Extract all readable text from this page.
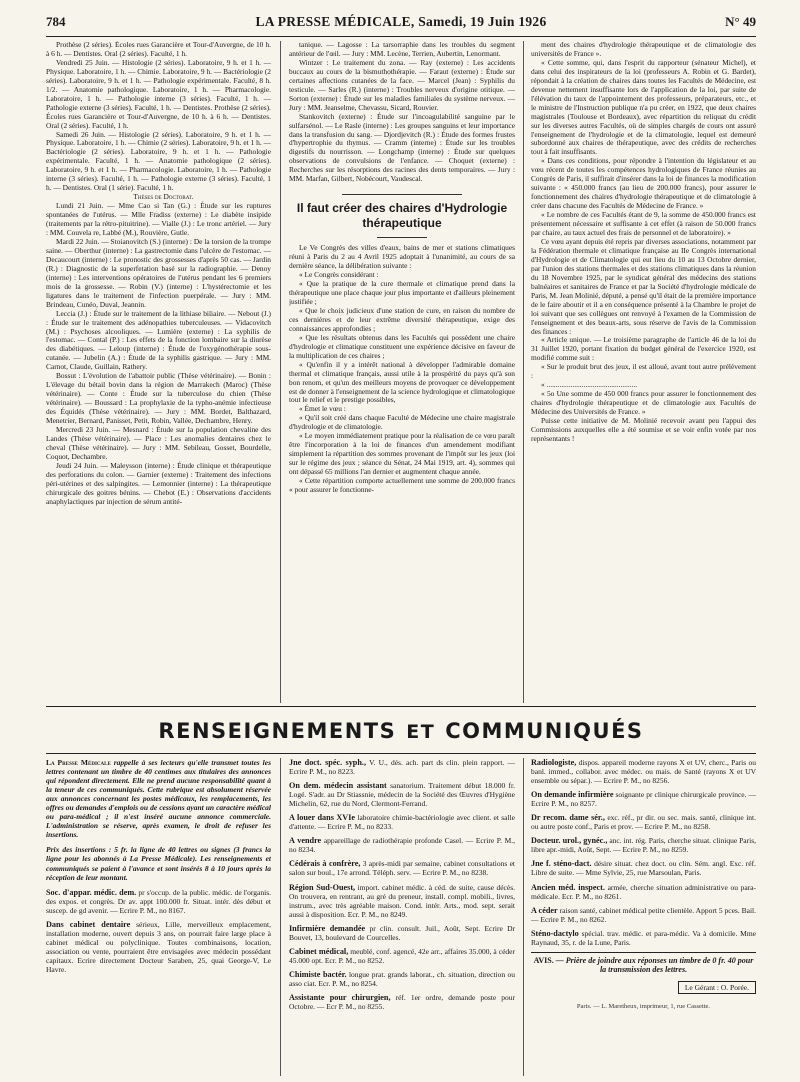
784	LA PRESSE MÉDICALE, Samedi, 19 Juin 1926	N° 49

Prothèse (2 séries). Écoles rues Garancière et Tour-d'Auvergne, de 10 h. à 6 h. — Dentistes. Oral (2 séries). Faculté, 1 h.

Vendredi 25 Juin. — Histologie (2 séries). Laboratoire, 9 h. et 1 h. — Physique. Laboratoire, 1 h. — Chimie. Laboratoire, 9 h. — Bactériologie (2 séries). Laboratoire, 9 h. et 1 h. — Pathologie expérimentale. Faculté, 8 h. 1/2. — Anatomie pathologique. Laboratoire, 1 h. — Pharmacologie. Laboratoire, 1 h. — Pathologie interne (3 séries). Faculté, 1 h. — Pathologie externe (3 séries). Faculté, 1 h. — Dentistes. Prothèse (2 séries). Écoles rues Garancière et Tour-d'Auvergne, de 10 h. à 6 h. — Dentistes. Oral (2 séries). Faculté, 1 h.

Samedi 26 Juin. — Histologie (2 séries). Laboratoire, 9 h. et 1 h. — Physique. Laboratoire, 1 h. — Chimie (2 séries). Laboratoire, 9 h. et 1 h. — Bactériologie (2 séries). Laboratoire, 9 h. et 1 h. — Pathologie expérimentale. Faculté, 1 h. — Anatomie pathologique (2 séries). Laboratoire, 9 h. et 1 h. — Pharmacologie. Laboratoire, 1 h. — Pathologie interne (3 séries). Faculté, 1 h. — Pathologie externe (3 séries). Faculté, 1 h. — Dentistes. Oral (1 série). Faculté, 1 h.

Thèses de Doctorat.

Lundi 21 Juin. — Mme Cao si Tan (G.) : Étude sur les ruptures spontanées de l'utérus. — Mlle Fradiss (externe) : Le diabète insipide (traitements par la rétro-pituitrine). — Vialle (J.) : Le tronc artériel. — Jury : MM. Couvela re, Labbé (M.), Rouvière, Gutle.

Mardi 22 Juin. — Stoianovitch (S.) (interne) : De la torsion de la trompe saine. — Oberthur (interne) : La gastrectomie dans l'ulcère de l'estomac. — Decaucourt (interne) : Le pronostic des grossesses d'après 50 cas. — Jardin (R.) : Diagnostic de la superfetation basé sur la radiographie. — Denoy (interne) : Les interventions opératoires de l'utérus pendant les 6 premiers mois de la grossesse. — Robin (V.) (interne) : L'hystérectomie et les ligatures dans le traitement de l'infection puerpérale. — Jury : MM. Brindeau, Cunéo, Duval, Jeannin.

Leccia (J.) : Étude sur le traitement de la lithiase biliaire. — Nebout (J.) : Étude sur le traitement des adénopathies tuberculeuses. — Vidacovitch (M.) : Psychoses alcooliques. — Lumière (externe) : La syphilis de l'estomac. — Contal (P.) : Les effets de la fonction lombaire sur la diurèse des diabétiques. — Leloup (interne) : Étude de l'oxygénothérapie sous-cutanée. — Jubelin (A.) : Étude de la syphilis gastrique. — Jury : MM. Carnot, Claude, Guillain, Rathery.

Bossut : L'évolution de l'abattoir public (Thèse vétérinaire). — Bonin : L'élevage du bétail bovin dans la région de Marrakech (Maroc) (Thèse vétérinaire). — Conte : Étude sur la tuberculose du chien (Thèse vétérinaire). — Boussard : La prophylaxie de la typho-anémie infectieuse des Équidés (Thèse vétérinaire). — Jury : MM. Bordet, Balthazard, Menetrier, Bernard, Panisset, Petit, Robin, Vallée, Dechambre, Henry.

Mercredi 23 Juin. — Mesnard : Étude sur la population chevaline des Landes (Thèse vétérinaire). — Place : Les anomalies dentaires chez le cheval (Thèse vétérinaire). — Jury : MM. Sebileau, Gosset, Bourdelle, Coquot, Dechambre.

Jeudi 24 Juin. — Maleysson (interne) : Étude clinique et thérapeutique des perforations du colon. — Garnier (externe) : Traitement des infections péri-utérines et des salpingites. — Lemonnier (interne) : La thérapeutique chirurgicale des goitres bénins. — Chebot (E.) : Observations d'accidents anaphylactiques par injection de sérum antité-

tanique. — Lagosse : La tarsorraphie dans les troubles du segment antérieur de l'œil. — Jury : MM. Lecène, Terrien, Aubertin, Lenormant.

Wintzer : Le traitement du zona. — Ray (externe) : Les accidents buccaux au cours de la bismuthothérapie. — Faraut (externe) : Étude sur certaines affections cutanées de la face. — Marcel (Jean) : Syphilis du testicule. — Sarles (R.) (interne) : Troubles nerveux d'origine otitique. — Sorton (externe) : Étude sur les maladies familiales du système nerveux. — Jury : MM. Jeanselme, Chevassu, Sicard, Rouvier.

Stankovitch (externe) : Étude sur l'incoagulabilité sanguine par le sulfarsénol. — Le Rasle (interne) : Les groupes sanguins et leur importance dans la transfusion du sang. — Djordjevitch (R.) : Étude des formes frustes d'hypertrophie du thymus. — Cramm (interne) : Étude sur les troubles digestifs du nourrisson. — Longchamp (interne) : Étude sur quelques observations de convulsions de l'enfance. — Choquet (externe) : Recherches sur les résorptions des racines des dents temporaires. — Jury : MM. Marfan, Gilbert, Nobécourt, Vaudescal.

Il faut créer des chaires d'Hydrologie thérapeutique

Le Ve Congrès des villes d'eaux, bains de mer et stations climatiques réuni à Paris du 2 au 4 Avril 1925 adoptait à l'unanimité, au cours de sa dernière séance, la délibération suivante :

« Le Congrès considérant :

« Que la pratique de la cure thermale et climatique prend dans la thérapeutique une place chaque jour plus importante et d'ailleurs pleinement justifiée ;

« Que le choix judicieux d'une station de cure, en raison du nombre de ces dernières et de leur extrême diversité thérapeutique, exige des connaissances approfondies ;

« Que les résultats obtenus dans les Facultés qui possèdent une chaire d'hydrologie et climatique constituent une expérience décisive en faveur de la multiplication de ces chaires ;

« Qu'enfin il y a intérêt national à développer l'admirable domaine thermal et climatique français, aussi utile à la prospérité du pays qu'à son bon renom, et qu'un des meilleurs moyens de provoquer ce développement est de donner à l'enseignement de la science hydrologique et climatologique tout le relief et le prestige possibles,

« Émet le vœu :

« Qu'il soit créé dans chaque Faculté de Médecine une chaire magistrale d'hydrologie et de climatologie.

« Le moyen immédiatement pratique pour la réalisation de ce vœu paraît être l'incorporation à la loi de finances d'un amendement modifiant simplement la répartition des sommes provenant de l'impôt sur les jeux (loi sur le régime des jeux ; séance du Sénat, 24 Mai 1919, art. 4), sommes qui ont dépassé 65 millions l'an dernier et augmentent chaque année.

« Cette répartition comporte actuellement une somme de 200.000 francs « pour assurer le fonctionne-

ment des chaires d'hydrologie thérapeutique et de climatologie des universités de France ».

« Cette somme, qui, dans l'esprit du rapporteur (sénateur Michel), et dans celui des inspirateurs de la loi (professeurs A. Robin et G. Bardet), répondait à la création de chaires dans toutes les Facultés de Médecine, est devenue nettement insuffisante lors de l'application de la loi, par suite de l'élévation du taux de l'appointement des professeurs, préparateurs, etc., et le ministre de l'Instruction publique n'a pu créer, en 1922, que deux chaires magistrales (Toulouse et Bordeaux), avec répartition du reliquat du crédit sur les diverses autres Facultés, où de simples chargés de cours ont assuré l'enseignement de l'hydrologie et de la climatologie, lequel est demeuré subordonné aux chaires de thérapeutique, avec des crédits de recherches tout à fait insuffisants.

« Dans ces conditions, pour répondre à l'intention du législateur et au vœu récent de toutes les compétences hydrologiques de France réunies au Congrès de Paris, il suffirait d'insérer dans la loi de finances la modification suivante : « 450.000 francs (au lieu de 200.000 francs), pour assurer le fonctionnement des chaires d'hydrologie thérapeutique et de climatologie à créer dans chacune des Facultés de Médecine de France. »

« Le nombre de ces Facultés étant de 9, la somme de 450.000 francs est présentement nécessaire et suffisante à cet effet (à raison de 50.000 francs par chaire, au taux actuel des frais de personnel et de laboratoire). »

Ce vœu ayant depuis été repris par diverses associations, notamment par la Fédération thermale et climatique française au IIe Congrès international d'Hydrologie et de Climatologie qui eut lieu du 10 au 13 Octobre dernier, par l'union des stations thermales et des stations climatiques dans la réunion du 18 Novembre 1925, par le syndicat général des médecins des stations balnéaires et sanitaires de France et par la Société d'hydrologie médicale de Paris, M. Jean Molinié, député, a pensé qu'il était de la première importance de le faire aboutir et il a en conséquence présenté à la Chambre le projet de loi suivant que ses collègues ont renvoyé à l'examen de la Commission de l'enseignement et des beaux-arts, sous réserve de l'avis de la Commission des finances :

« Article unique. — Le troisième paragraphe de l'article 46 de la loi du 31 Juillet 1920, portant fixation du budget général de l'exercice 1920, est modifié comme suit :

« Sur le produit brut des jeux, il est alloué, avant tout autre prélèvement :

« .................................................

« 5o Une somme de 450 000 francs pour assurer le fonctionnement des chaires d'hydrologie thérapeutique et de climatologie aux Facultés de Médecine des Universités de France. »

Puisse cette initiative de M. Molinié recevoir avant peu l'appui des Commissions auxquelles elle a été soumise et se voir enfin votée par nos représentants !

RENSEIGNEMENTS ET COMMUNIQUÉS

La Presse Médicale rappelle à ses lecteurs qu'elle transmet toutes les lettres contenant un timbre de 40 centimes aux titulaires des annonces qui répondent directement. Elle ne prend aucune responsabilité quant à la teneur de ces communiqués. Cette rubrique est absolument réservée aux annonces concernant les postes médicaux, les remplacements, les offres ou demandes d'emplois ou de cessions ayant un caractère médical ou para-médical ; il n'est inséré aucune annonce commerciale. L'administration se réserve, après examen, le droit de refuser les insertions.

Prix des insertions : 5 fr. la ligne de 40 lettres ou signes (3 francs la ligne pour les abonnés à La Presse Médicale). Les renseignements et communiqués se paient à l'avance et sont insérés 8 à 10 jours après la réception de leur montant.

Soc. d'appar. médic. dem. pr s'occup. de la public. médic. de l'organis. des expos. et congrès. Dr av. appt 100.000 fr. Situat. intér. dès début et suscep. de gd avenir. — Ecrire P. M., no 8167.

Dans cabinet dentaire sérieux, Lille, merveilleux emplacement, installation moderne, ouvert depuis 3 ans, on pourrait faire large place à cabinet médical ou polyclinique. Toutes combinaisons, location, association ou vente, pourraient être envisagées avec médecin possédant capitaux. Ecrire directement Docteur Saraben, 25, quai George-V, Le Havre.

Jne doct. spéc. syph., V. U., dés. ach. part ds clin. plein rapport. — Ecrire P. M., no 8223.

On dem. médecin assistant sanatorium. Traitement début 18.000 fr. Logé. S'adr. au Dr Stiassnie, médecin de la Société des Œuvres d'Hygiène Michelin, 62, rue du Nord, Clermont-Ferrand.

A louer dans XVIe laboratoire chimie-bactériologie avec client. et salle d'attente. — Ecrire P. M., no 8233.

A vendre appareillage de radiothérapie profonde Casel. — Ecrire P. M., no 8234.

Cédérais à confrère, 3 après-midi par semaine, cabinet consultations et salon sur boul., 17e arrond. Téléph. serv. — Ecrire P. M., no 8238.

Région Sud-Ouest, import. cabinet médic. à céd. de suite, cause décès. On trouvera, en rentrant, au gré du preneur, install. compl. mobili., livres, instrum., avec très agréable maison. Cond. intér. Arts., mod. sept. serait aussi à disposition. Ecr. P. M., no 8249.

Infirmière demandée pr clin. consult. Juil., Août, Sept. Ecrire Dr Bouvet, 13, boulevard de Courcelles.

Cabinet médical, meublé, conf. agencé, 42e arr., affaires 35.000, à céder 45.000 opt. Ecr. P. M., no 8252.

Chimiste bactér. longue prat. grands laborat., ch. situation, direction ou asso ciat. Ecr. P. M., no 8254.

Assistante pour chirurgien, réf. 1er ordre, demande poste pour Octobre. — Ecr P. M., no 8255.

Radiologiste, dispos. appareil moderne rayons X et UV, cherc., Paris ou banl. immed., collabor. avec médec. ou mais. de Santé (rayons X et UV ensemble ou sépar.). — Ecrire P. M., no 8256.

On demande infirmière soignante pr clinique chirurgicale province. — Ecrire P. M., no 8257.

Dr recom. dame sér., exc. réf., pr dir. ou sec. mais. santé, clinique int. ou autre poste conf., Paris et prov. — Ecrire P. M., no 8258.

Docteur. urol., gynéc., anc. int. rég. Paris, cherche situat. clinique Paris, libre apr.-midi, Août, Sept. — Ecrire P. M., no 8259.

Jne f. sténo-dact. désire situat. chez doct. ou clin. Sém. angl. Exc. réf. Libre de suite. — Mme Sylvie, 25, rue Marsoulan, Paris.

Ancien méd. inspect. armée, cherche situation administrative ou para-médicale. Ecr. P. M., no 8261.

A céder raison santé, cabinet médical petite clientèle. Apport 5 pces. Bail. — Ecrire P. M., no 8262.

Sténo-dactylo spécial. trav. médic. et para-médic. Va à domicile. Mme Raynaud, 35, r. de la Lune, Paris.

AVIS. — Prière de joindre aux réponses un timbre de 0 fr. 40 pour la transmission des lettres.
Le Gérant : O. Porée.
Paris. — L. Maretheux, imprimeur, 1, rue Cassette.
